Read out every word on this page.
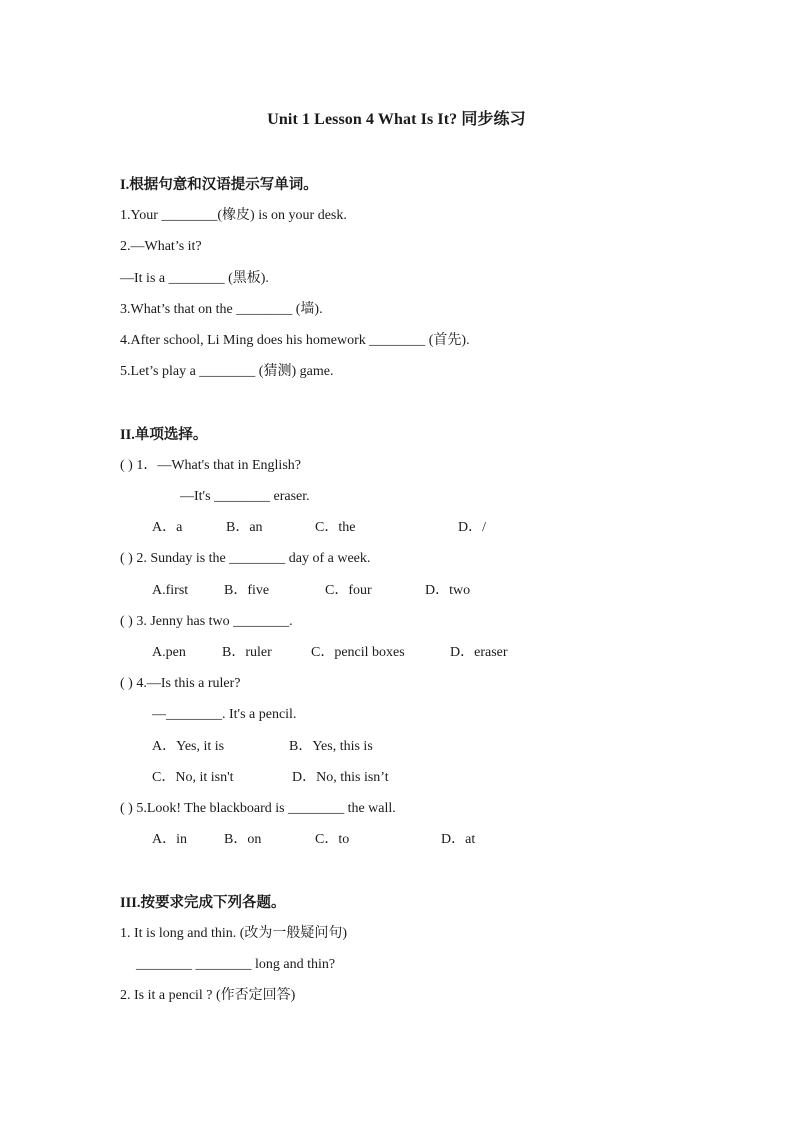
Unit 1 Lesson 4 What Is It? 同步练习
I.根据句意和汉语提示写单词。
1.Your ________(橡皮) is on your desk.
2.—What’s it?
—It is a ________ (黑板).
3.What’s that on the ________ (墙).
4.After school, Li Ming does his homework ________ (首先).
5.Let’s play a ________ (猜测) game.
II.单项选择。
( ) 1．—What's that in English?
—It's ________ eraser.
A．a	B．an	C．the	D．/
( ) 2. Sunday is the ________ day of a week.
A.first	B．five	C．four	D．two
( ) 3. Jenny has two ________.
A.pen	B．ruler	C．pencil boxes	D．eraser
( ) 4.—Is this a ruler?
—________. It's a pencil.
A．Yes, it is	B．Yes, this is
C．No, it isn't	D．No, this isn’t
( ) 5.Look! The blackboard is ________ the wall.
A．in	B．on	C．to	D．at
III.按要求完成下列各题。
1. It is long and thin. (改为一般疑问句)
________ ________ long and thin?
2. Is it a pencil ? (作否定回答)
